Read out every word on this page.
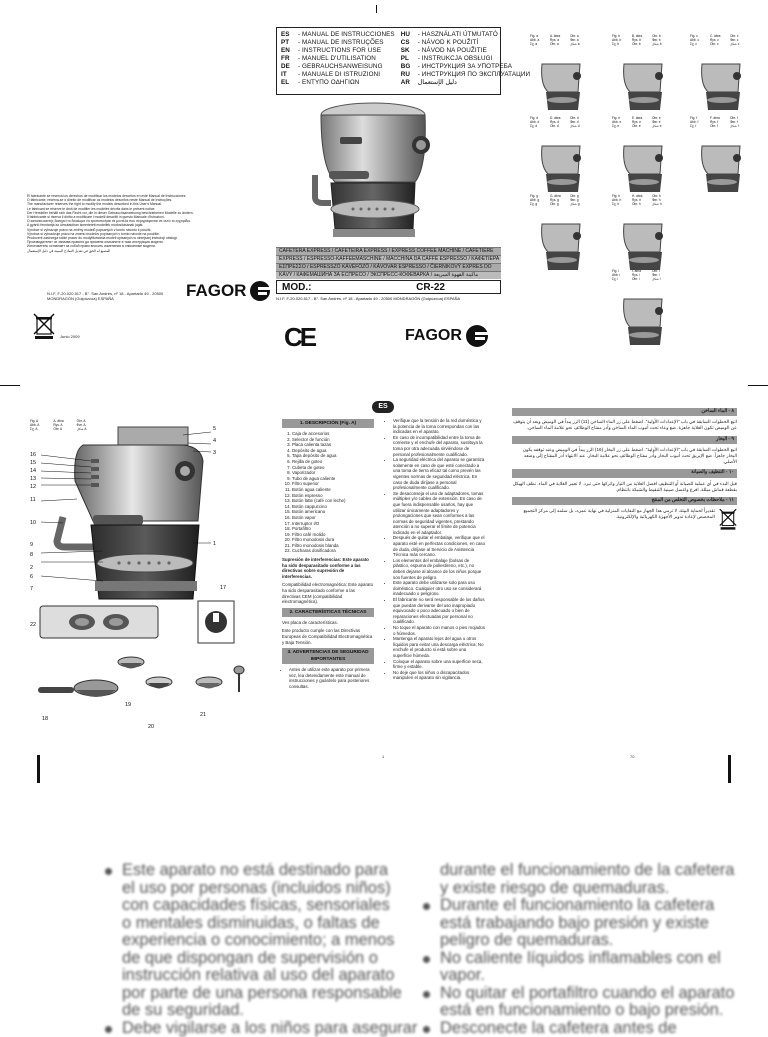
El fabricante se reserva los derechos de modificar los modelos descritos en este Manual de Instrucciones.

O fabricante, reserva-se o direito de modificar os modelos descritos neste Manual de Instruções.

The manufacturer reserves the right to modify the models described in this User's Manual.

Le fabricant se réserve le droit de modifier les modèles décrits dans le présent notice.

Der Hersteller behält sich das Recht vor, die in dieser Gebrauchsanweisung beschriebenen Modelle zu ändern.

Il fabbricante si riserva il diritto a modificare i modelli descritti in questo Manuale d'Istruzioni.

O κατασκευαστής διατηρεί το δικαίωμα να τροποποιήσει τα μοντέλα που περιγράφονται σε αυτό το εγχειρίδιο.

A gyártó fenntartja az útmutatóban ismertetett modellek módosításának jogát.

Výrobce si vyhrazuje právo na změny modelů popsaných v tomto návodu k použití.

Výrobca si vyhradzuje právo na zmenu modelov popísaných v tomto návode na použitie.

Producent zastrzega sobie prawo do modyfikowania modeli opisanych w niniejszej instrukcji obsługi.

Производителят си запазва правото да променя описаните в тази инструкция модели.

Изготовитель оставляет за собой право вносить изменения в описанные модели.

المصنع له الحق في تعديل النماذج المبينة في دليل الإستعمال

N.I.F. F-20.020.517 - B°. San Andrés, nº 18 - Apartado 49 - 20500 MONDRAGÓN (Guipúzcoa) ESPAÑA	FAGOR
Junio 2009
ES - MANUAL DE INSTRUCCIONES
PT - MANUAL DE INSTRUÇÕES
EN - INSTRUCTIONS FOR USE
FR - MANUEL D'UTILISATION
DE - GEBRAUCHSANWEISUNG
IT - MANUALE DI ISTRUZIONI
EL - ΕΝΤΥΠΟ ΟΔΗΓΙΩΝ
HU - HASZNÁLATI ÚTMUTATÓ
CS - NÁVOD K POUŽITÍ
SK - NÁVOD NA POUŽITIE
PL - INSTRUKCJA OBSŁUGI
BG - ИНСТРУКЦИЯ ЗА УПОТРЕБА
RU - ИНСТРУКЦИЯ ПО ЭКСПЛУАТАЦИИ
AR دليل الإستعمال
CAFETERA EXPRESS / CAFETEIRA EXPRESS / EXPRESS COFFEE MACHINE / CAFETIÈRE
EXPRESS / ESPRESSO-KAFFEEMASCHINE / MACCHINA DA CAFFÈ ESPRESSO / ΚΑΦΕΤΙΕΡΑ
ΕΣΠΡΕΣΣΟ / ESPRESSZÓ KÁVÉFŐZŐ / KÁVOVAR ESPRESSO / ČIERNIKOVÝ EXPRES DO
KÁVY / КАФЕМАШИНА ЗА ЕСПРЕСО / ЭКСПРЕСС-КОФЕВАРКА / ماكينة القهوة السريعة
MOD.:	CR-22
N.I.F. F-20.020.517 - B°. San Andrés, nº 18 - Apartado 49 - 20500 MONDRAGÓN (Guipúzcoa) ESPAÑA
CE	FAGOR
Fig. a	A. ábra	Obr. a
Abb. a	Rys. a	Фиг. a
Σχ. a	Obr. a	شكل a
Fig. b	B. ábra	Obr. b
Abb. b	Rys. b	Фиг. b
Σχ. b	Obr. b	شكل b
Fig. c	C. ábra	Obr. c
Abb. c	Rys. c	Фиг. c
Σχ. c	Obr. c	شكل c
Fig. d	D. ábra	Obr. d
Abb. d	Rys. d	Фиг. d
Σχ. d	Obr. d	شكل d
Fig. e	E. ábra	Obr. e
Abb. e	Rys. e	Фиг. e
Σχ. e	Obr. e	شكل e
Fig. f	F. ábra	Obr. f
Abb. f	Rys. f	Фиг. f
Σχ. f	Obr. f	شكل f
Fig. g	G. ábra	Obr. g
Abb. g	Rys. g	Фиг. g
Σχ. g	Obr. g	شكل g
Fig. h	H. ábra	Obr. h
Abb. h	Rys. h	Фиг. h
Σχ. h	Obr. h	شكل h
Fig. i	I. ábra	Obr. i
Abb. i	Rys. i	Фиг. i
Σχ. i	Obr. i	شكل i
ES
Fig. A	A. ábra	Obr. A
Abb. A	Rys. A	Фиг. A
Σχ. A	Obr. A	شكل A	5
4
3
16
15
14
13
12
11
10
9
8
1
2
6
7	17
22
18
19
20
21
1. DESCRIPCIÓN (Fig. A)
1. Caja de accesorios
2. Selector de función
3. Placa calienta tazas
4. Depósito de agua
5. Tapa depósito de agua
6. Rejilla de goteo
7. Cubeta de goteo
8. Vaporizador
9. Tubo de agua caliente
10. Filtro superior
11. Botón agua caliente
12. Botón espresso
13. Botón latte (café con leche)
14. Botón cappuccino
15. Botón americano
16. Botón vapor
17. Interruptor I/O
18. Portafiltro
19. Filtro café molido
20. Filtro monodosis dura
21. Filtro monodosis blanda
22. Cucharas dosificadora

Supresión de interferencias: Este aparato ha sido desparasitado conforme a las directivas sobre supresión de interferencias.

Compatibilidad electromagnética: Este aparato ha sido desparasitado conforme a las directivas CEM (compatibilidad electromagnética).

2. CARACTERÍSTICAS TÉCNICAS

Ves placa de características.

Este producto cumple con las Directivas Europeas de Compatibilidad Electromagnética y Baja Tensión.

3. ADVERTENCIAS DE SEGURIDAD IMPORTANTES
• Antes de utilizar este aparato por primera vez, lea detenidamente este manual de instrucciones y guárdelo para posteriores consultas.
• Verifique que la tensión de la red doméstica y la potencia de la toma correspondan con las indicadas en el aparato.
• En caso de incompatibilidad entre la toma de corriente y el enchufe del aparato, sustituya la toma por otra adecuada sirviéndose de personal profesionalmente cualificado.
• La seguridad eléctrica del aparato se garantiza solamente en caso de que esté conectado a una toma de tierra eficaz tal como prevén las vigentes normas de seguridad eléctrica. En caso de duda diríjase a personal profesionalmente cualificado.
• Se desaconseja el uso de adaptadores, tomas múltiples y/o cables de extensión. En caso de que fuera indispensable usarlos, hay que utilizar únicamente adaptadores y prolongaciones que sean conformes a las normas de seguridad vigentes, prestando atención a no superar el límite de potencia indicado en el adaptador.
• Después de quitar el embalaje, verifique que el aparato esté en perfectas condiciones, en caso de duda, diríjase al Servicio de Asistencia Técnica más cercano.
• Los elementos del embalaje (bolsas de plástico, espuma de poliestireno, etc.), no deben dejarse al alcance de los niños porque son fuentes de peligro.
• Este aparato debe utilizarse solo para uso doméstico. Cualquier otro uso se considerará inadecuado o peligroso.
• El fabricante no será responsable de los daños que puedan derivarse del uso inapropiado equivocado o poco adecuado o bien de reparaciones efectuadas por personal no cualificado.
• No toque el aparato con manos o pies mojados o húmedos.
• Mantenga el aparato lejos del agua u otros líquidos para evitar una descarga eléctrica; No enchufe el producto si está sobre una superficie húmeda.
• Coloque el aparato sobre una superficie seca, firme y estable.
• No deje que los niños o discapacitados manipulen el aparato sin vigilancia.
1
٨ - الماء الساخن

اتبع الخطوات السابقة في باب "الإعدادات الأولية". اضغط على زر الماء الساخن (11) الزر يبدأ في الوميض وبعد أن يتوقف عن الوميض تكون الغلاية جاهزة. ضع وعاء تحت أنبوب الماء الساخن وأدر مفتاح الوظائف نحو علامة الماء الساخن.

٩ - البخار

اتبع الخطوات السابقة في باب "الإعدادات الأولية". اضغط على زر البخار (16) الزر يبدأ في الوميض وعند توقفه يكون البخار جاهزاً. ضع الإبريق تحت أنبوب البخار وأدر مفتاح الوظائف نحو علامة البخار. عند الانتهاء أدر المفتاح إلى وضعه الأصلي.

١٠ - التنظيف والصيانة

قبل البدء في أي عملية للصيانة أو التنظيف افصل الغلاية من التيار واتركها حتى تبرد. لا تغمر الغلاية في الماء. نظف الهيكل بقطعة قماش مبللة. افرغ واغسل صينية التنقيط والشبكة بانتظام.

١١ - ملاحظات بخصوص التخلص من المنتج

تقديراً لحماية البيئة، لا ترمي هذا الجهاز مع النفايات المنزلية في نهاية عمره، بل سلمه إلى مركز التجميع المخصص لإعادة تدوير الأجهزة الكهربائية والإلكترونية.

70
Este aparato no está destinado para
el uso por personas (incluidos niños)
con capacidades físicas, sensoriales
o mentales disminuidas, o faltas de
experiencia o conocimiento; a menos
de que dispongan de supervisión o
instrucción relativa al uso del aparato
por parte de una persona responsable
de su seguridad.
Debe vigilarse a los niños para asegurar
durante el funcionamiento de la cafetera
y existe riesgo de quemaduras.
Durante el funcionamiento la cafetera
está trabajando bajo presión y existe
peligro de quemaduras.
No caliente líquidos inflamables con el
vapor.
No quitar el portafiltro cuando el aparato
está en funcionamiento o bajo presión.
Desconecte la cafetera antes de
